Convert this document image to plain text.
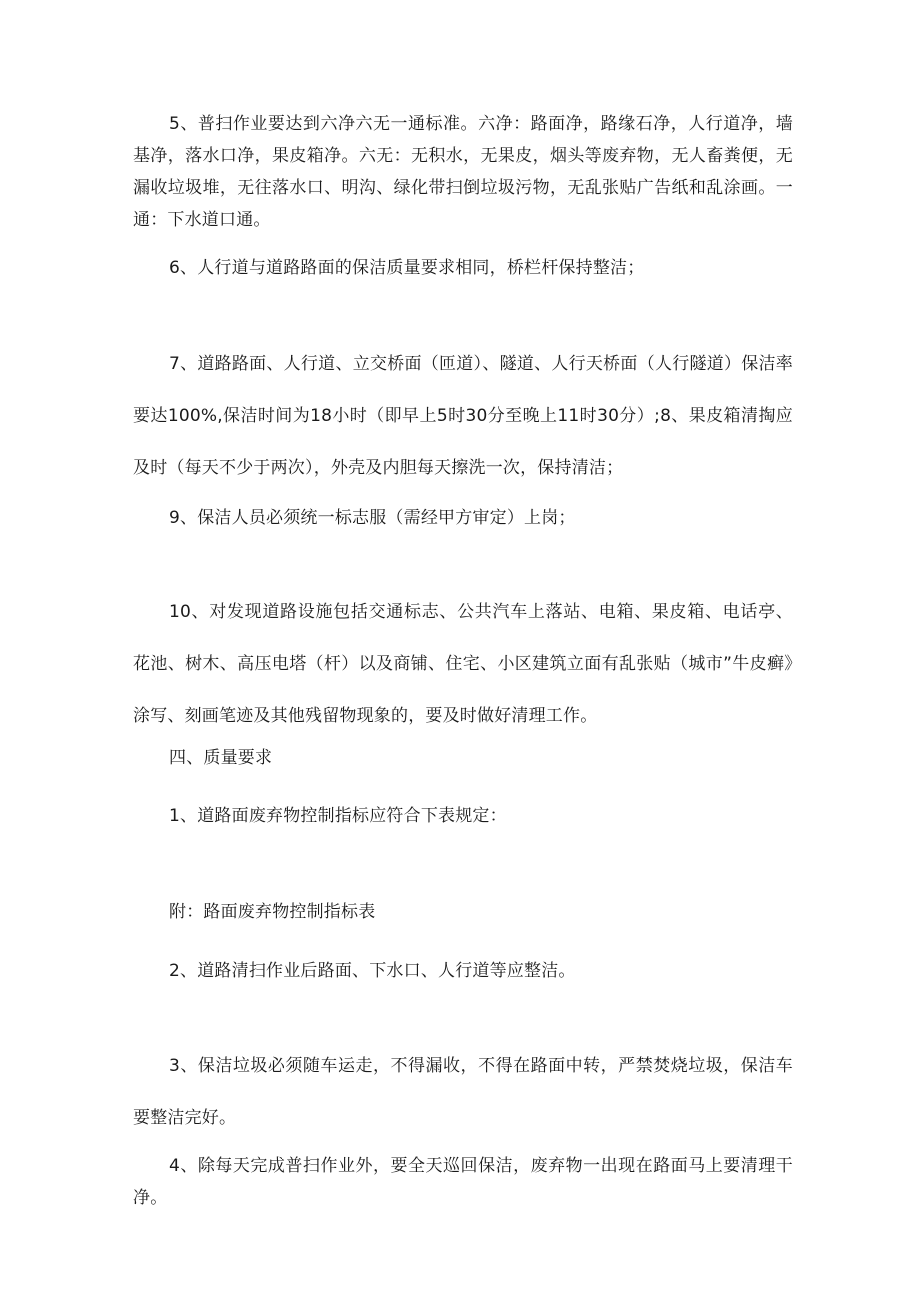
5、普扫作业要达到六净六无一通标准。六净：路面净，路缘石净，人行道净，墙基净，落水口净，果皮箱净。六无：无积水，无果皮，烟头等废弃物，无人畜粪便，无漏收垃圾堆，无往落水口、明沟、绿化带扫倒垃圾污物，无乱张贴广告纸和乱涂画。一通：下水道口通。

6、人行道与道路路面的保洁质量要求相同，桥栏杆保持整洁；

7、道路路面、人行道、立交桥面（匝道）、隧道、人行天桥面（人行隧道）保洁率要达100%,保洁时间为18小时（即早上5时30分至晚上11时30分）;8、果皮箱清掏应及时（每天不少于两次），外壳及内胆每天擦洗一次，保持清洁；

9、保洁人员必须统一标志服（需经甲方审定）上岗；

10、对发现道路设施包括交通标志、公共汽车上落站、电箱、果皮箱、电话亭、花池、树木、高压电塔（杆）以及商铺、住宅、小区建筑立面有乱张贴（城市”牛皮癣》涂写、刻画笔迹及其他残留物现象的，要及时做好清理工作。

四、质量要求

1、道路面废弃物控制指标应符合下表规定：

附：路面废弃物控制指标表

2、道路清扫作业后路面、下水口、人行道等应整洁。

3、保洁垃圾必须随车运走，不得漏收，不得在路面中转，严禁焚烧垃圾，保洁车要整洁完好。

4、除每天完成普扫作业外，要全天巡回保洁，废弃物一出现在路面马上要清理干净。
